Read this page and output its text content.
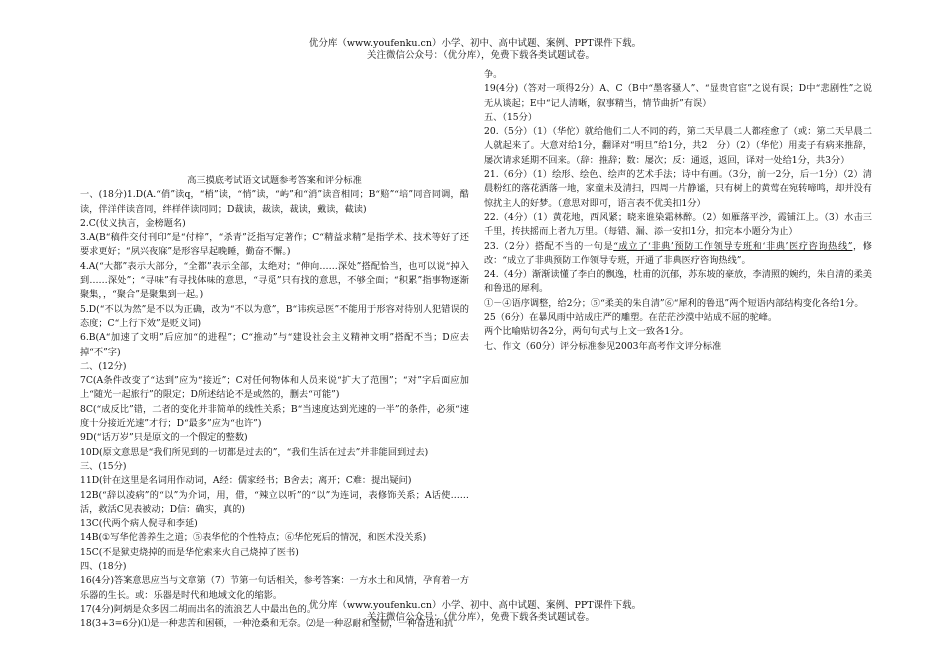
优分库（www.youfenku.cn）小学、初中、高中试题、案例、PPT课件下载。
关注微信公众号：（优分库），免费下载各类试题试卷。

高三摸底考试语文试题参考答案和评分标准

一、(18分)1.D(A.“俏”读q，“梢”读，“悄”读，“屿”和“消”读音相同；B“赔”“培”同音同调，酷读，伴洋伴读音同，绊样伴读同同；D裁读，裁读，裁读，戴读，截读)

2.C(仗义执言，金榜题名)

3.A(B“稿件交付刊印”是“付梓”，“杀青”泛指写定著作；C“精益求精”是指学术、技术等好了还要求更好；“夙兴夜寐”是形容早起晚睡，勤奋不懈。)

4.A(“大都”表示大部分，“全都”表示全部，太绝对；“伸向……深处”搭配恰当，也可以说“掉入到……深处”；“寻味”有寻找体味的意思，“寻觅”只有找的意思，不够全面；“积累”指事物逐渐聚集，，“聚合”是聚集到一起。)

5.D(“不以为然”是不以为正确，改为“不以为意”，B“讳疾忌医”不能用于形容对待别人犯错误的态度；C“上行下效”是贬义词)

6.B(A“加速了文明”后应加“的进程”；C“推动”与“建设社会主义精神文明”搭配不当；D应去掉“不”字)

二、(12分)

7C(A条件改变了“达到”应为“接近”；C对任何物体和人员来说“扩大了范围”；“对”字后面应加上“随光一起旅行”的限定；D所述结论不是或然的，删去“可能”)

8C(“成反比”错，二者的变化并非简单的线性关系；B“当速度达到光速的一半”的条件，必须“速度十分接近光速”才行；D“最多”应为“也许”)

9D(“话万岁”只是原文的一个假定的整数)

10D(原文意思是“我们所见到的一切都是过去的”，“我们生活在过去”并非能回到过去)

三、(15分)

11D(针在这里是名词用作动词，A经：儒家经书；B舍去；离开；C难：提出疑问)

12B(“辞以凌病”的“以”为介词，用，借，“辣立以听”的“以”为连词，表修饰关系；A话使……活，救活C见表被动；D信：确实，真的)

13C(代两个病人倪寻和李延)

14B(①写华佗善养生之道；⑤表华佗的个性特点；⑥华佗死后的情况，和医术没关系)

15C(不是狱吏烧掉的而是华佗索来火自己烧掉了医书)

四、(18分)

16(4分)答案意思应当与文章第（7）节第一句话相关，参考答案：一方水土和风情，孕育着一方乐器的生长。或：乐器是时代和地域文化的缩影。

17(4分)阿炳是众多因二胡而出名的流浪艺人中最出色的。

18(3+3=6分)⑴是一种悲苦和困顿，一种沧桑和无奈。⑵是一种忍耐和坚韧，一种奋进和抗

争。

19(4分)（答对一项得2分）A、C（B中“墨客骚人”、“显贵官宦”之说有误；D中“悲剧性”之说无从谈起；E中“记人清晰，叙事精当，情节曲折”有误）

五、（15分）

20.（5分）（1）（华佗）就给他们二人不同的药，第二天早晨二人都痊愈了（或：第二天早晨二人就起来了。大意对给1分，翻译对“明旦”给1分，共2　分）（2）（华佗）用麦子有病来推辞，屡次请求延期不回来。（辞：推辞；数：屡次；反：通返，返回，译对一处给1分，共3分）

21.（6分）（1）绘形、绘色、绘声的艺术手法；诗中有画。（3分，前一2分，后一1分）（2）清晨粉红的落花洒落一地，家童未及清扫，四周一片静谧，只有树上的黄莺在宛转啼鸣，却并没有惊扰主人的好梦。（意思对即可，语言表不优美扣1分）

22.（4分）（1）黄花地，西风紧；晓来谁染霜林醉。（2）如雁落平沙，霞铺江上。（3）水击三千里，抟扶摇而上者九万里。（每错、漏、添一安扣1分，扣完本小题分为止）

23.（2分）搭配不当的一句是“成立了‘非典’预防工作领导专班和‘非典’医疗咨询热线”，修改：“成立了非典预防工作领导专班，开通了非典医疗咨询热线”。

24.（4分）渐渐读懂了李白的飘逸，杜甫的沉郁，苏东坡的豪放，李清照的婉约，朱自清的柔美和鲁迅的犀利。

①－④语序调整，给2分；⑤“柔美的朱自清”⑥“犀利的鲁迅”两个短语内部结构变化各给1分。

25（6分）在暴风雨中站成庄严的雕塑。在茫茫沙漠中站成不屈的驼峰。

两个比喻贴切各2分，两句句式与上文一致各1分。

七、作文（60分）评分标准参见2003年高考作文评分标准

优分库（www.youfenku.cn）小学、初中、高中试题、案例、PPT课件下载。
关注微信公众号：（优分库），免费下载各类试题试卷。
